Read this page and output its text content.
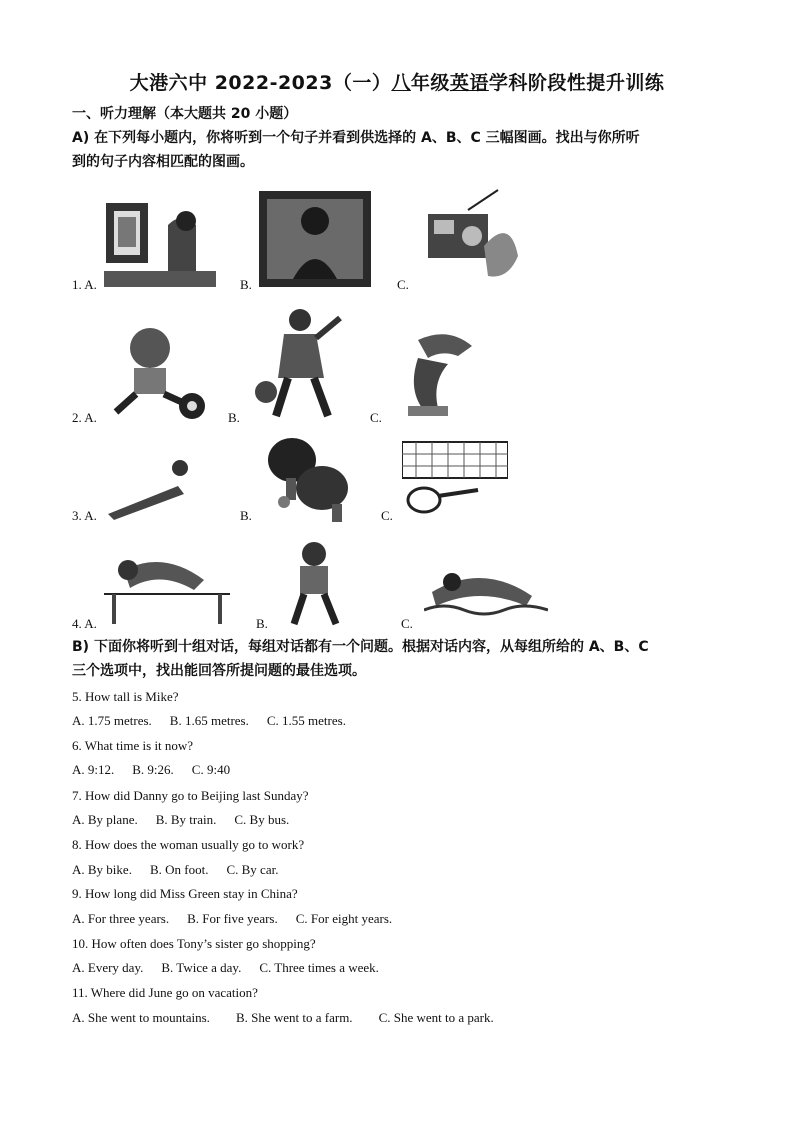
大港六中 2022-2023（一）八年级英语学科阶段性提升训练
一、听力理解（本大题共 20 小题）
A) 在下列每小题内，你将听到一个句子并看到供选择的 A、B、C 三幅图画。找出与你所听
到的句子内容相匹配的图画。
1. A.	B.	C.
2. A.	B.	C.
3. A.	B.	C.
4. A.	B.	C.
B) 下面你将听到十组对话，每组对话都有一个问题。根据对话内容，从每组所给的 A、B、C
三个选项中，找出能回答所提问题的最佳选项。
5. How tall is Mike?
A. 1.75 metres. B. 1.65 metres. C. 1.55 metres.
6. What time is it now?
A. 9:12. B. 9:26. C. 9:40
7. How did Danny go to Beijing last Sunday?
A. By plane. B. By train. C. By bus.
8. How does the woman usually go to work?
A. By bike. B. On foot. C. By car.
9. How long did Miss Green stay in China?
A. For three years. B. For five years. C. For eight years.
10. How often does Tony’s sister go shopping?
A. Every day. B. Twice a day. C. Three times a week.
11. Where did June go on vacation?
A. She went to mountains. B. She went to a farm. C. She went to a park.
